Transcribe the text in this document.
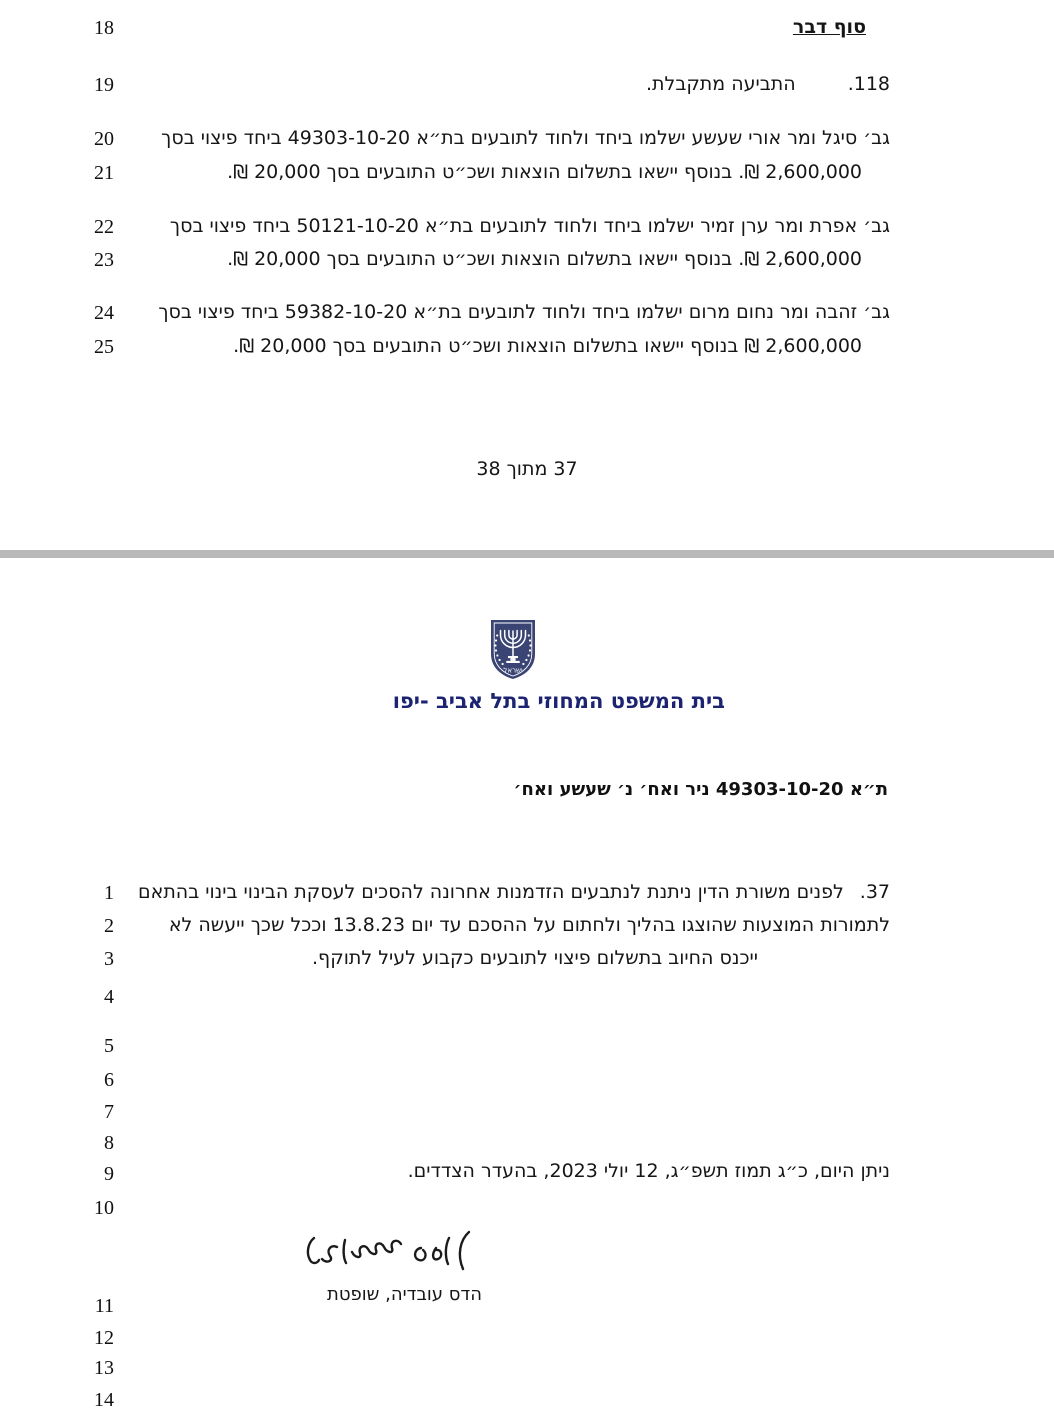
18
19
20
21
22
23
24
25
סוף דבר
118.התביעה מתקבלת.
גב׳ סיגל ומר אורי שעשע ישלמו ביחד ולחוד לתובעים בת״א 49303-10-20 ביחד פיצוי בסך
2,600,000 ₪. בנוסף יישאו בתשלום הוצאות ושכ״ט התובעים בסך 20,000 ₪.
גב׳ אפרת ומר ערן זמיר ישלמו ביחד ולחוד לתובעים בת״א 50121-10-20 ביחד פיצוי בסך
2,600,000 ₪. בנוסף יישאו בתשלום הוצאות ושכ״ט התובעים בסך 20,000 ₪.
גב׳ זהבה ומר נחום מרום ישלמו ביחד ולחוד לתובעים בת״א 59382-10-20 ביחד פיצוי בסך
2,600,000 ₪ בנוסף יישאו בתשלום הוצאות ושכ״ט התובעים בסך 20,000 ₪.
37 מתוך 38
ישראל
בית המשפט המחוזי בתל אביב -יפו
ת״א 49303-10-20 ניר ואח׳ נ׳ שעשע ואח׳
37.לפנים משורת הדין ניתנת לנתבעים הזדמנות אחרונה להסכים לעסקת הבינוי בינוי בהתאם
לתמורות המוצעות שהוצגו בהליך ולחתום על ההסכם עד יום 13.8.23 וככל שכך ייעשה לא
ייכנס החיוב בתשלום פיצוי לתובעים כקבוע לעיל לתוקף.
1
2
3
4
5
6
7
8
9
10
11
12
13
14
ניתן היום, כ״ג תמוז תשפ״ג, 12 יולי 2023, בהעדר הצדדים.
הדס עובדיה, שופטת
